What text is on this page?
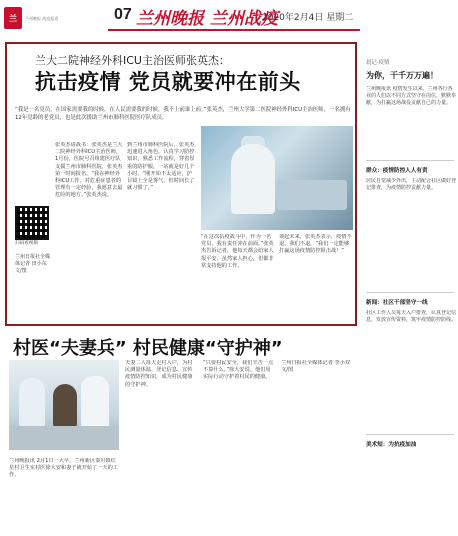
兰	兰州晚报 战疫报道	07 兰州晚报 兰州战疫
2020年2月4日 星期二
兰大二院神经外科ICU主治医师张英杰：
抗击疫情 党员就要冲在前头
“我是一名党员，在国家需要我的时候，在人民需要我的时候，我不上前谁上前。”张英杰，兰州大学第二医院神经外科ICU主治医师，一名拥有12年党龄的老党员，也是此次援助兰州市肺科医院医疗队成员。
张英杰在隔离病房工作
扫码看视频
兰州日报社全媒体记者 田小东 文/图
张英杰请战书：张英杰是兰大二院神经外科ICU主治医师，1月份，医院号召组建医疗队支援兰州市肺科医院，张英杰第一时间报名。“我在神经外科ICU工作，对危重症患者的管理有一定经验，我愿意去最危险的地方。”张英杰说。
到兰州市肺科医院后，张英杰迅速进入角色，认真学习防控知识，熟悉工作流程，穿着厚重的防护服，一站就是好几个小时。“刚开始不太适应，护目镜上全是雾气，但时间长了就习惯了。”
“在这次抗疫战斗中，作为一名党员，我有责任冲在前面。”张英杰告诉记者，他每天都会给家人报平安，虽然家人担心，但都非常支持他的工作。
谈起未来，张英杰表示，疫情不退，我们不退。“我们一定能够打赢这场疫情防控阻击战！”
村医“夫妻兵” 村民健康“守护神”
兰州晚报讯 2月1日一大早，兰州新区秦川镇红星村卫生室村医徐大安和妻子就开始了一天的工作。
夫妻二人每天走村入户，为村民测量体温、登记信息、宣传疫情防控知识，成为村民健康的守护神。
“只要村民安全，我们辛苦一点不算什么。”徐大安说。他们用实际行动守护着村民的健康。
兰州日报社全媒体记者 李小双 文/图
晨记·疫情
为你，干千万万遍！
兰州晚报讯 疫情发生以来，兰州各行各业的人们以不同方式坚守在岗位，默默奉献，为打赢这场战役贡献自己的力量。
群众：疫情防控人人有责
居民自觉减少外出，主动配合社区做好登记排查，为疫情防控贡献力量。
新闻：社区干部坚守一线
社区工作人员每天入户排查，认真登记信息，发放宣传资料，筑牢疫情防控防线。
美术短：为抗疫加油
